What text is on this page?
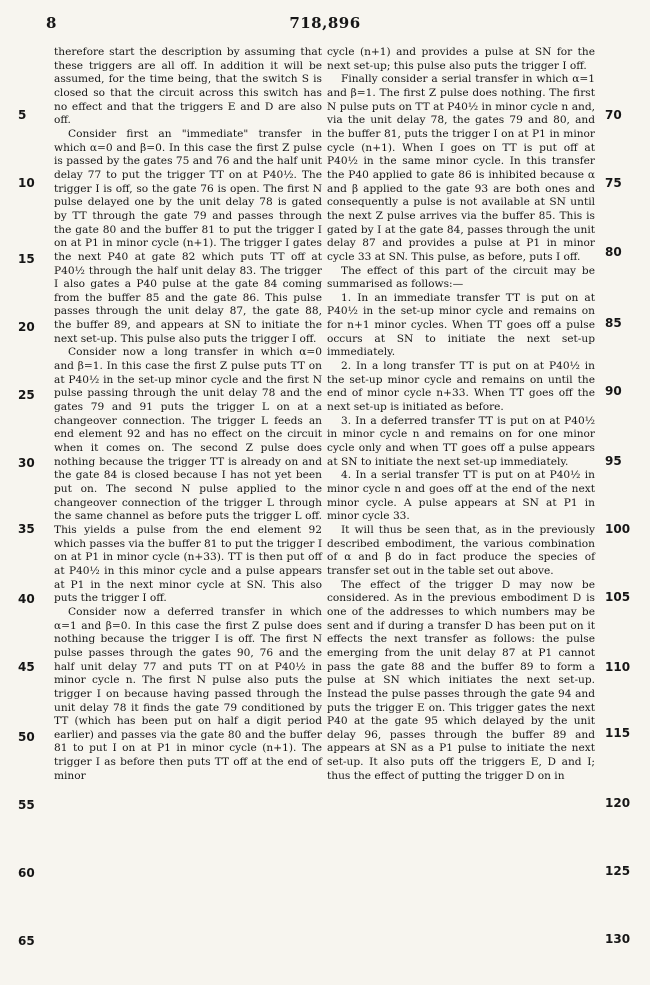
8	718,896

therefore start the description by assuming that these triggers are all off. In addition it will be assumed, for the time being, that the switch S is closed so that the circuit across this switch has no effect and that the triggers E and D are also off.

Consider first an "immediate" transfer in which α=0 and β=0. In this case the first Z pulse is passed by the gates 75 and 76 and the half unit delay 77 to put the trigger TT on at P40½. The trigger I is off, so the gate 76 is open. The first N pulse delayed one by the unit delay 78 is gated by TT through the gate 79 and passes through the gate 80 and the buffer 81 to put the trigger I on at P1 in minor cycle (n+1). The trigger I gates the next P40 at gate 82 which puts TT off at P40½ through the half unit delay 83. The trigger I also gates a P40 pulse at the gate 84 coming from the buffer 85 and the gate 86. This pulse passes through the unit delay 87, the gate 88, the buffer 89, and appears at SN to initiate the next set-up. This pulse also puts the trigger I off.

Consider now a long transfer in which α=0 and β=1. In this case the first Z pulse puts TT on at P40½ in the set-up minor cycle and the first N pulse passing through the unit delay 78 and the gates 79 and 91 puts the trigger L on at a changeover connection. The trigger L feeds an end element 92 and has no effect on the circuit when it comes on. The second Z pulse does nothing because the trigger TT is already on and the gate 84 is closed because I has not yet been put on. The second N pulse applied to the changeover connection of the trigger L through the same channel as before puts the trigger L off. This yields a pulse from the end element 92 which passes via the buffer 81 to put the trigger I on at P1 in minor cycle (n+33). TT is then put off at P40½ in this minor cycle and a pulse appears at P1 in the next minor cycle at SN. This also puts the trigger I off.

Consider now a deferred transfer in which α=1 and β=0. In this case the first Z pulse does nothing because the trigger I is off. The first N pulse passes through the gates 90, 76 and the half unit delay 77 and puts TT on at P40½ in minor cycle n. The first N pulse also puts the trigger I on because having passed through the unit delay 78 it finds the gate 79 conditioned by TT (which has been put on half a digit period earlier) and passes via the gate 80 and the buffer 81 to put I on at P1 in minor cycle (n+1). The trigger I as before then puts TT off at the end of minor

cycle (n+1) and provides a pulse at SN for the next set-up; this pulse also puts the trigger I off.

Finally consider a serial transfer in which α=1 and β=1. The first Z pulse does nothing. The first N pulse puts on TT at P40½ in minor cycle n and, via the unit delay 78, the gates 79 and 80, and the buffer 81, puts the trigger I on at P1 in minor cycle (n+1). When I goes on TT is put off at P40½ in the same minor cycle. In this transfer the P40 applied to gate 86 is inhibited because α and β applied to the gate 93 are both ones and consequently a pulse is not available at SN until the next Z pulse arrives via the buffer 85. This is gated by I at the gate 84, passes through the unit delay 87 and provides a pulse at P1 in minor cycle 33 at SN. This pulse, as before, puts I off.

The effect of this part of the circuit may be summarised as follows:—

1. In an immediate transfer TT is put on at P40½ in the set-up minor cycle and remains on for n+1 minor cycles. When TT goes off a pulse occurs at SN to initiate the next set-up immediately.

2. In a long transfer TT is put on at P40½ in the set-up minor cycle and remains on until the end of minor cycle n+33. When TT goes off the next set-up is initiated as before.

3. In a deferred transfer TT is put on at P40½ in minor cycle n and remains on for one minor cycle only and when TT goes off a pulse appears at SN to initiate the next set-up immediately.

4. In a serial transfer TT is put on at P40½ in minor cycle n and goes off at the end of the next minor cycle. A pulse appears at SN at P1 in minor cycle 33.

It will thus be seen that, as in the previously described embodiment, the various combination of α and β do in fact produce the species of transfer set out in the table set out above.

The effect of the trigger D may now be considered. As in the previous embodiment D is one of the addresses to which numbers may be sent and if during a transfer D has been put on it effects the next transfer as follows: the pulse emerging from the unit delay 87 at P1 cannot pass the gate 88 and the buffer 89 to form a pulse at SN which initiates the next set-up. Instead the pulse passes through the gate 94 and puts the trigger E on. This trigger gates the next P40 at the gate 95 which delayed by the unit delay 96, passes through the buffer 89 and appears at SN as a P1 pulse to initiate the next set-up. It also puts off the triggers E, D and I; thus the effect of putting the trigger D on in

5
10
15
20
25
30
35
40
45
50
55
60
65
70
75
80
85
90
95
100
105
110
115
120
125
130
